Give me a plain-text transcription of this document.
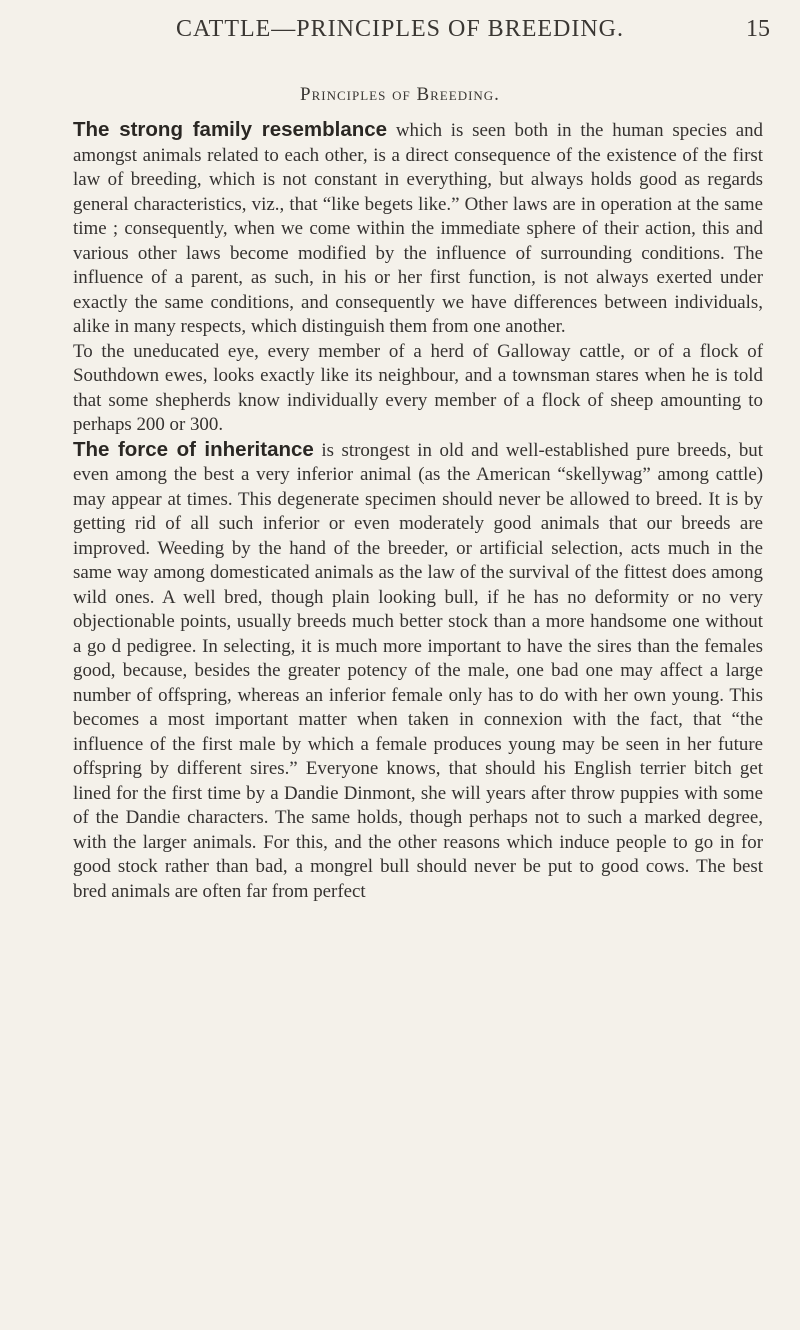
CATTLE—PRINCIPLES OF BREEDING.	15
Principles of Breeding.

The strong family resemblance which is seen both in the human species and amongst animals related to each other, is a direct consequence of the existence of the first law of breeding, which is not constant in everything, but always holds good as regards general characteristics, viz., that “like begets like.” Other laws are in operation at the same time ; consequently, when we come within the immediate sphere of their action, this and various other laws become modified by the influence of surrounding conditions. The influence of a parent, as such, in his or her first function, is not always exerted under exactly the same conditions, and consequently we have differences between individuals, alike in many respects, which distinguish them from one another.

To the uneducated eye, every member of a herd of Galloway cattle, or of a flock of Southdown ewes, looks exactly like its neighbour, and a townsman stares when he is told that some shepherds know individually every member of a flock of sheep amounting to perhaps 200 or 300.

The force of inheritance is strongest in old and well-established pure breeds, but even among the best a very inferior animal (as the American “skellywag” among cattle) may appear at times. This degenerate specimen should never be allowed to breed. It is by getting rid of all such inferior or even moderately good animals that our breeds are improved. Weeding by the hand of the breeder, or artificial selection, acts much in the same way among domesticated animals as the law of the survival of the fittest does among wild ones. A well bred, though plain looking bull, if he has no deformity or no very objectionable points, usually breeds much better stock than a more handsome one without a go d pedigree. In selecting, it is much more important to have the sires than the females good, because, besides the greater potency of the male, one bad one may affect a large number of offspring, whereas an inferior female only has to do with her own young. This becomes a most important matter when taken in connexion with the fact, that “the influence of the first male by which a female produces young may be seen in her future offspring by different sires.” Everyone knows, that should his English terrier bitch get lined for the first time by a Dandie Dinmont, she will years after throw puppies with some of the Dandie characters. The same holds, though perhaps not to such a marked degree, with the larger animals. For this, and the other reasons which induce people to go in for good stock rather than bad, a mongrel bull should never be put to good cows. The best bred animals are often far from perfect
